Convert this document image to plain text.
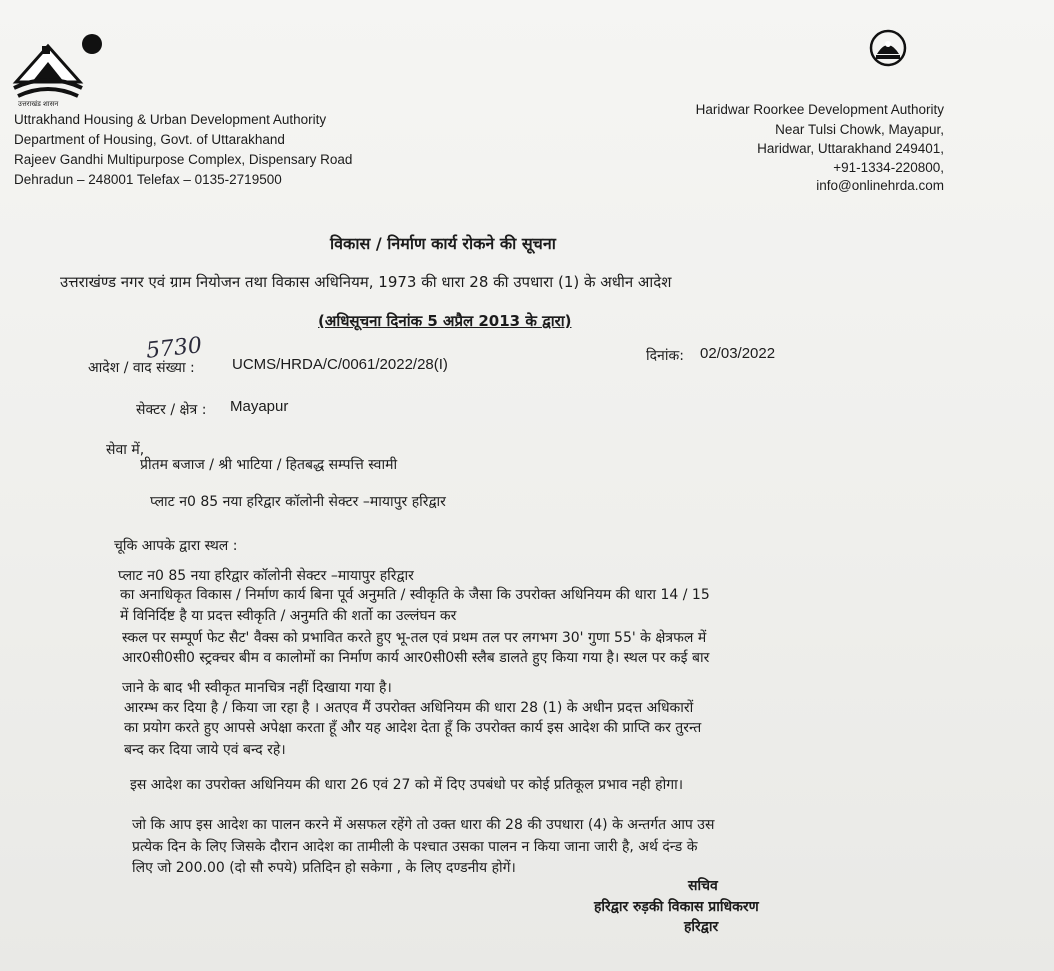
उत्तराखंड शासन
Uttrakhand Housing & Urban Development Authority
Department of Housing, Govt. of Uttarakhand
Rajeev Gandhi Multipurpose Complex, Dispensary Road
Dehradun – 248001 Telefax – 0135-2719500
Haridwar Roorkee Development Authority
Near Tulsi Chowk, Mayapur,
Haridwar, Uttarakhand 249401,
+91-1334-220800,
info@onlinehrda.com
विकास / निर्माण कार्य रोकने की सूचना
उत्तराखंण्ड नगर एवं ग्राम नियोजन तथा विकास अधिनियम, 1973 की धारा 28 की उपधारा (1) के अधीन आदेश
(अधिसूचना दिनांक 5 अप्रैल 2013 के द्वारा)
5730
आदेश / वाद संख्या : UCMS/HRDA/C/0061/2022/28(I)	दिनांक: 02/03/2022
सेक्टर / क्षेत्र : Mayapur
सेवा में,
प्रीतम बजाज / श्री भाटिया / हितबद्ध सम्पत्ति स्वामी
प्लाट न0 85 नया हरिद्वार कॉलोनी सेक्टर –मायापुर हरिद्वार
चूकि आपके द्वारा स्थल :
प्लाट न0 85 नया हरिद्वार कॉलोनी सेक्टर –मायापुर हरिद्वार
का अनाधिकृत विकास / निर्माण कार्य बिना पूर्व अनुमति / स्वीकृति के जैसा कि उपरोक्त अधिनियम की धारा 14 / 15
में विनिर्दिष्ट है या प्रदत्त स्वीकृति / अनुमति की शर्तो का उल्लंघन कर
स्कल पर सम्पूर्ण फेट सैट' वैक्स को प्रभावित करते हुए भू-तल एवं प्रथम तल पर लगभग 30' गुणा 55' के क्षेत्रफल में
आर0सी0सी0 स्ट्रक्चर बीम व कालोमों का निर्माण कार्य आर0सी0सी स्लैब डालते हुए किया गया है। स्थल पर कई बार
जाने के बाद भी स्वीकृत मानचित्र नहीं दिखाया गया है।
आरम्भ कर दिया है / किया जा रहा है । अतएव मैं उपरोक्त अधिनियम की धारा 28 (1) के अधीन प्रदत्त अधिकारों
का प्रयोग करते हुए आपसे अपेक्षा करता हूँ और यह आदेश देता हूँ कि उपरोक्त कार्य इस आदेश की प्राप्ति कर तुरन्त
बन्द कर दिया जाये एवं बन्द रहे।
इस आदेश का उपरोक्त अधिनियम की धारा 26 एवं 27 को में दिए उपबंधो पर कोई प्रतिकूल प्रभाव नही होगा।
जो कि आप इस आदेश का पालन करने में असफल रहेंगे तो उक्त धारा की 28 की उपधारा (4) के अन्तर्गत आप उस
प्रत्येक दिन के लिए जिसके दौरान आदेश का तामीली के पश्चात उसका पालन न किया जाना जारी है, अर्थ दंन्ड के
लिए जो 200.00 (दो सौ रुपये) प्रतिदिन हो सकेगा , के लिए दण्डनीय होगें।
सचिव
हरिद्वार रुड़की विकास प्राधिकरण
हरिद्वार
